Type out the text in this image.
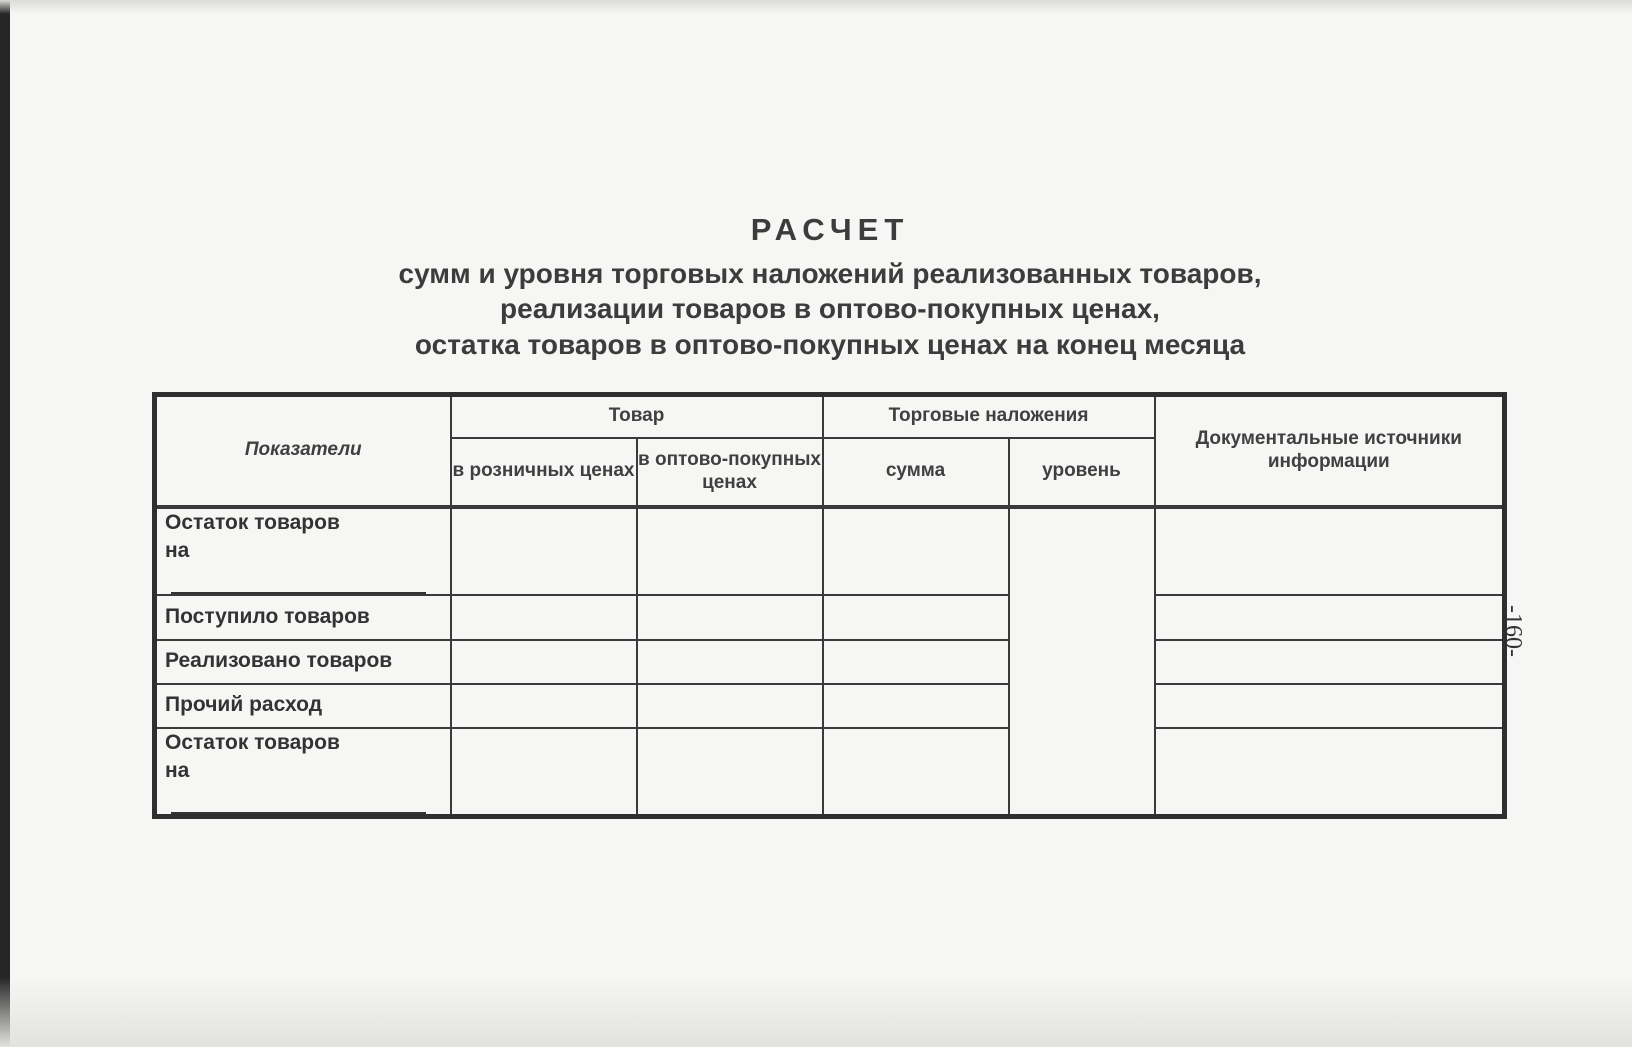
РАСЧЕТ
сумм и уровня торговых наложений реализованных товаров,
реализации товаров в оптово-покупных ценах,
остатка товаров в оптово-покупных ценах на конец месяца
Показатели	Товар		Торговые наложения		Документальные источники информации
	в розничных ценах	в оптово-покупных ценах	сумма	уровень	

Остаток товаров
на					

Поступило товаров					
Реализовано товаров					
Прочий расход					

Остаток товаров
на					

-160-
